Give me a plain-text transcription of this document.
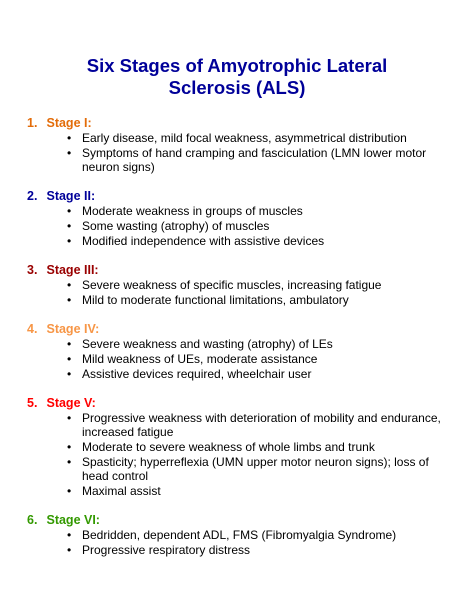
Six Stages of Amyotrophic Lateral
Sclerosis (ALS)
1. Stage I:
• Early disease, mild focal weakness, asymmetrical distribution
• Symptoms of hand cramping and fasciculation (LMN lower motor neuron signs)
2. Stage II:
• Moderate weakness in groups of muscles
• Some wasting (atrophy) of muscles
• Modified independence with assistive devices
3. Stage III:
• Severe weakness of specific muscles, increasing fatigue
• Mild to moderate functional limitations, ambulatory
4. Stage IV:
• Severe weakness and wasting (atrophy) of LEs
• Mild weakness of UEs, moderate assistance
• Assistive devices required, wheelchair user
5. Stage V:
• Progressive weakness with deterioration of mobility and endurance, increased fatigue
• Moderate to severe weakness of whole limbs and trunk
• Spasticity; hyperreflexia (UMN upper motor neuron signs); loss of head control
• Maximal assist
6. Stage VI:
• Bedridden, dependent ADL, FMS (Fibromyalgia Syndrome)
• Progressive respiratory distress
